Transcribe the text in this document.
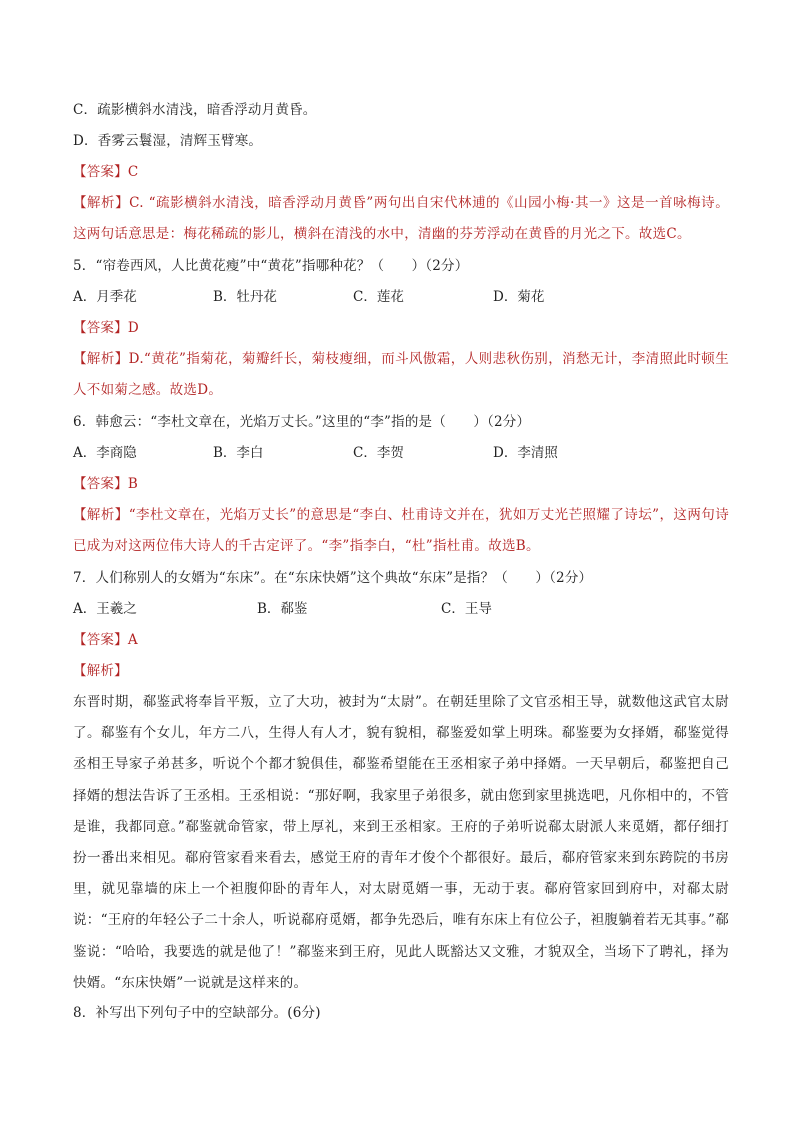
C．疏影横斜水清浅，暗香浮动月黄昏。
D．香雾云鬟湿，清辉玉臂寒。
【答案】C
【解析】C. “疏影横斜水清浅，暗香浮动月黄昏”两句出自宋代林逋的《山园小梅·其一》这是一首咏梅诗。这两句话意思是：梅花稀疏的影儿，横斜在清浅的水中，清幽的芬芳浮动在黄昏的月光之下。故选C。
5．“帘卷西风，人比黄花瘦”中“黄花”指哪种花？（　　）（2分）
A．月季花	B．牡丹花	C．莲花	D．菊花
【答案】D
【解析】D.“黄花”指菊花，菊瓣纤长，菊枝瘦细，而斗风傲霜，人则悲秋伤别，消愁无计，李清照此时顿生人不如菊之感。故选D。
6．韩愈云：“李杜文章在，光焰万丈长。”这里的“李”指的是（　　）（2分）
A．李商隐	B．李白	C．李贺	D．李清照
【答案】B
【解析】“李杜文章在，光焰万丈长”的意思是“李白、杜甫诗文并在，犹如万丈光芒照耀了诗坛”，这两句诗已成为对这两位伟大诗人的千古定评了。“李”指李白，“杜”指杜甫。故选B。
7．人们称别人的女婿为“东床”。在“东床快婿”这个典故“东床”是指？（　　）（2分）
A．王羲之	B．郗鉴	C．王导
【答案】A
【解析】
东晋时期，郗鉴武将奉旨平叛，立了大功，被封为“太尉”。在朝廷里除了文官丞相王导，就数他这武官太尉了。郗鉴有个女儿，年方二八，生得人有人才，貌有貌相，郗鉴爱如掌上明珠。郗鉴要为女择婿，郗鉴觉得丞相王导家子弟甚多，听说个个都才貌俱佳，郗鉴希望能在王丞相家子弟中择婿。一天早朝后，郗鉴把自己择婿的想法告诉了王丞相。王丞相说：“那好啊，我家里子弟很多，就由您到家里挑选吧，凡你相中的，不管是谁，我都同意。”郗鉴就命管家，带上厚礼，来到王丞相家。王府的子弟听说郗太尉派人来觅婿，都仔细打扮一番出来相见。郗府管家看来看去，感觉王府的青年才俊个个都很好。最后，郗府管家来到东跨院的书房里，就见靠墙的床上一个袒腹仰卧的青年人，对太尉觅婿一事，无动于衷。郗府管家回到府中，对郗太尉说：“王府的年轻公子二十余人，听说郗府觅婿，都争先恐后，唯有东床上有位公子，袒腹躺着若无其事。”郗鉴说：“哈哈，我要选的就是他了！”郗鉴来到王府，见此人既豁达又文雅，才貌双全，当场下了聘礼，择为快婿。“东床快婿”一说就是这样来的。
8．补写出下列句子中的空缺部分。(6分)
